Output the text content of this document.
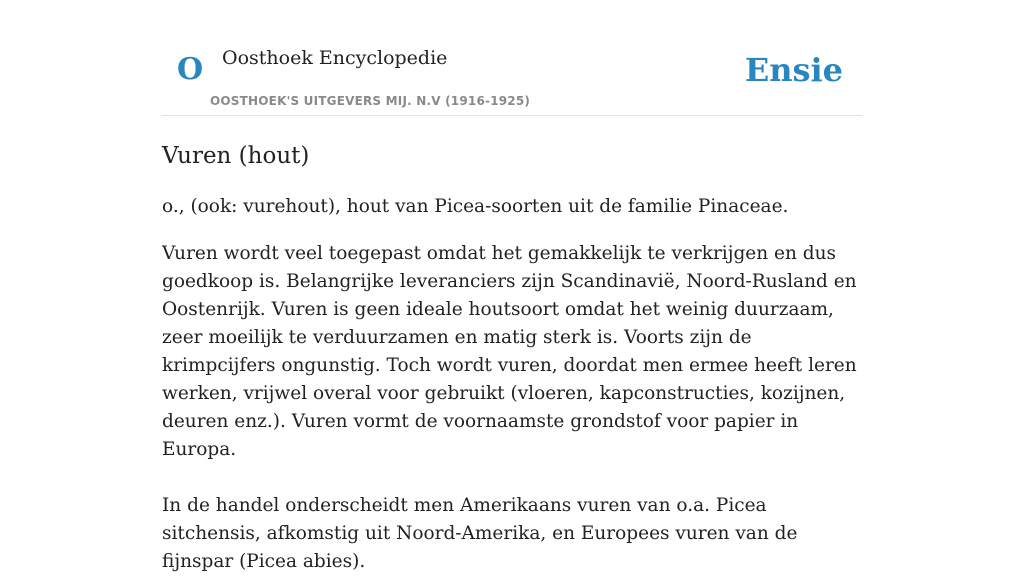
O Oosthoek Encyclopedie
OOSTHOEK'S UITGEVERS MIJ. N.V (1916-1925)
Ensie
Vuren (hout)

o., (ook: vurehout), hout van Picea-soorten uit de familie Pinaceae.

Vuren wordt veel toegepast omdat het gemakkelijk te verkrijgen en dus goedkoop is. Belangrijke leveranciers zijn Scandinavië, Noord-Rusland en Oostenrijk. Vuren is geen ideale houtsoort omdat het weinig duurzaam, zeer moeilijk te verduurzamen en matig sterk is. Voorts zijn de krimpcijfers ongunstig. Toch wordt vuren, doordat men ermee heeft leren werken, vrijwel overal voor gebruikt (vloeren, kapconstructies, kozijnen, deuren enz.). Vuren vormt de voornaamste grondstof voor papier in Europa.

In de handel onderscheidt men Amerikaans vuren van o.a. Picea sitchensis, afkomstig uit Noord-Amerika, en Europees vuren van de fijnspar (Picea abies).
